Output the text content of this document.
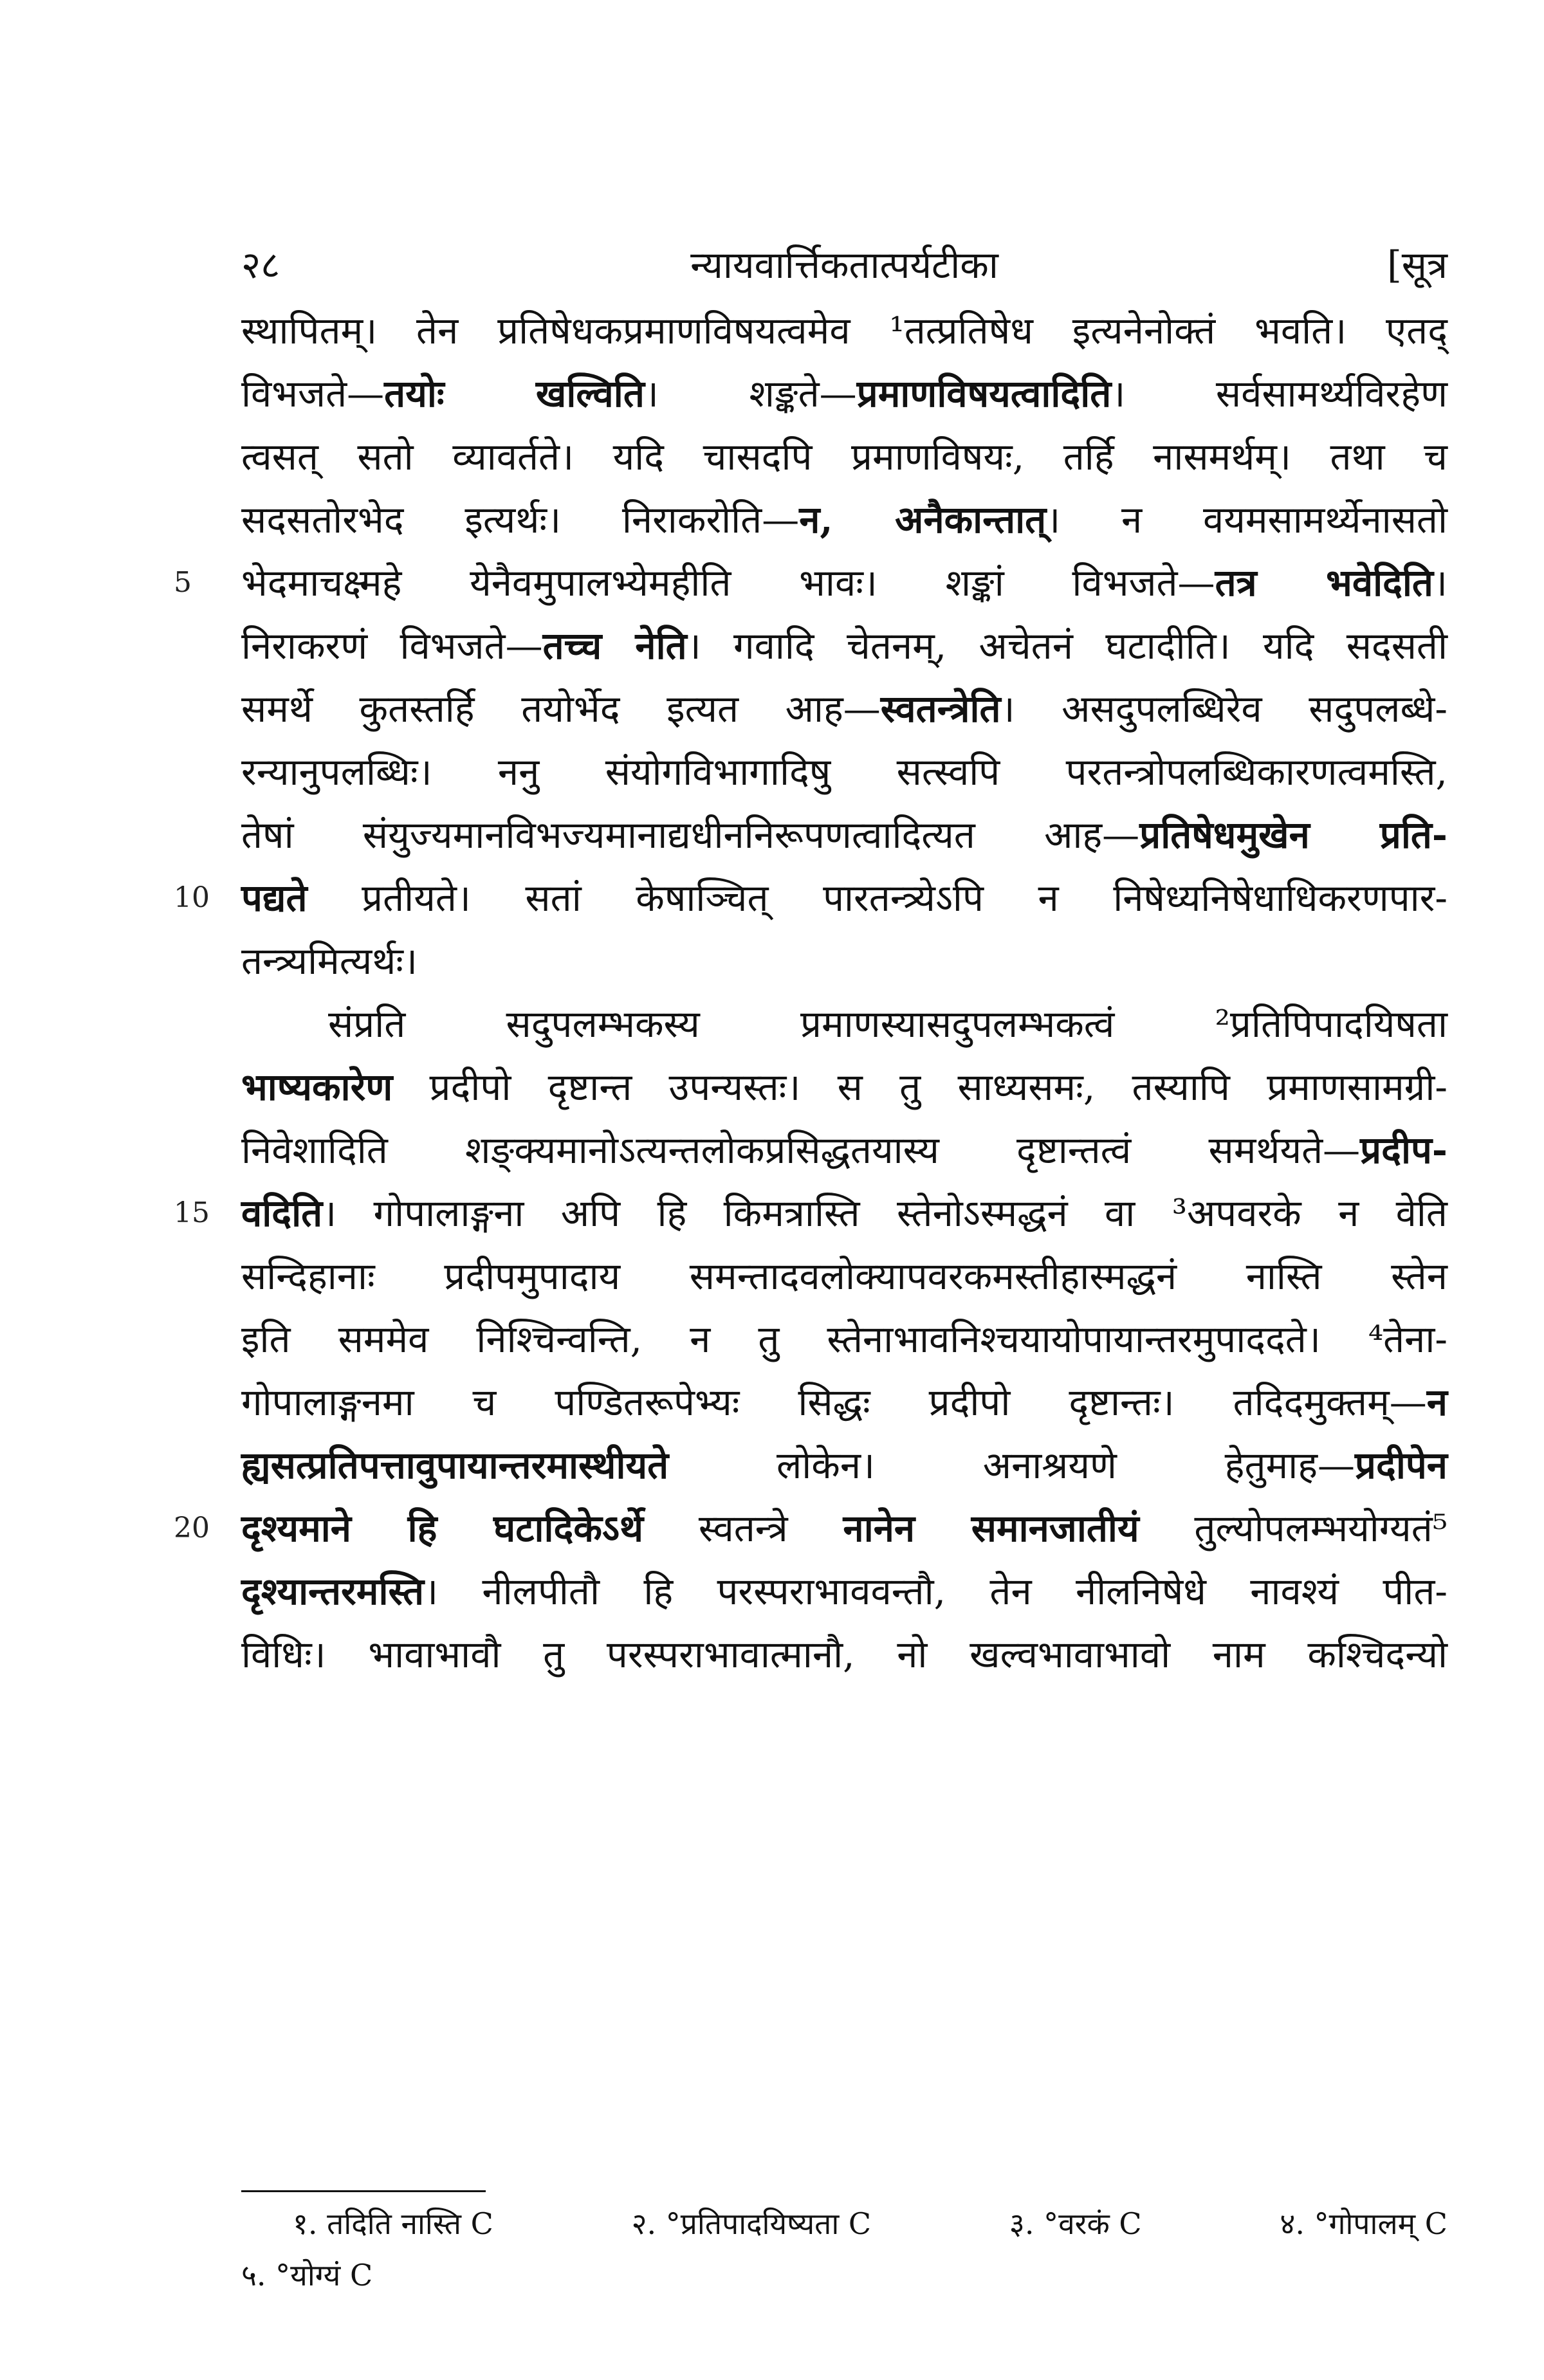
२८	न्यायवार्त्तिकतात्पर्यटीका	[सूत्र
स्थापितम्। तेन प्रतिषेधकप्रमाणविषयत्वमेव ¹तत्प्रतिषेध इत्यनेनोक्तं भवति। एतद्
विभजते—तयोः खल्विति। शङ्कते—प्रमाणविषयत्वादिति। सर्वसामर्थ्यविरहेण
त्वसत् सतो व्यावर्तते। यदि चासदपि प्रमाणविषयः, तर्हि नासमर्थम्। तथा च
सदसतोरभेद इत्यर्थः। निराकरोति—न, अनैकान्तात्। न वयमसामर्थ्येनासतो
5 भेदमाचक्ष्महे येनैवमुपालभ्येमहीति भावः। शङ्कां विभजते—तत्र भवेदिति।
निराकरणं विभजते—तच्च नेति। गवादि चेतनम्, अचेतनं घटादीति। यदि सदसती
समर्थे कुतस्तर्हि तयोर्भेद इत्यत आह—स्वतन्त्रेति। असदुपलब्धिरेव सदुपलब्धे-
रन्यानुपलब्धिः। ननु संयोगविभागादिषु सत्स्वपि परतन्त्रोपलब्धिकारणत्वमस्ति,
तेषां संयुज्यमानविभज्यमानाद्यधीननिरूपणत्वादित्यत आह—प्रतिषेधमुखेन प्रति-
10 पद्यते प्रतीयते। सतां केषाञ्चित् पारतन्त्र्येऽपि न निषेध्यनिषेधाधिकरणपार-
तन्त्र्यमित्यर्थः।
संप्रति सदुपलम्भकस्य प्रमाणस्यासदुपलम्भकत्वं ²प्रतिपिपादयिषता
भाष्यकारेण प्रदीपो दृष्टान्त उपन्यस्तः। स तु साध्यसमः, तस्यापि प्रमाणसामग्री-
निवेशादिति शङ्क्यमानोऽत्यन्तलोकप्रसिद्धतयास्य दृष्टान्तत्वं समर्थयते—प्रदीप-
15 वदिति। गोपालाङ्गना अपि हि किमत्रास्ति स्तेनोऽस्मद्धनं वा ³अपवरके न वेति
सन्दिहानाः प्रदीपमुपादाय समन्तादवलोक्यापवरकमस्तीहास्मद्धनं नास्ति स्तेन
इति सममेव निश्चिन्वन्ति, न तु स्तेनाभावनिश्चयायोपायान्तरमुपाददते। ⁴तेना-
गोपालाङ्गनमा च पण्डितरूपेभ्यः सिद्धः प्रदीपो दृष्टान्तः। तदिदमुक्तम्—न
ह्यसत्प्रतिपत्तावुपायान्तरमास्थीयते लोकेन। अनाश्रयणे हेतुमाह—प्रदीपेन
20 दृश्यमाने हि घटादिकेऽर्थे स्वतन्त्रे नानेन समानजातीयं तुल्योपलम्भयोग्यतं⁵
दृश्यान्तरमस्ति। नीलपीतौ हि परस्पराभाववन्तौ, तेन नीलनिषेधे नावश्यं पीत-
विधिः। भावाभावौ तु परस्पराभावात्मानौ, नो खल्वभावाभावो नाम कश्चिदन्यो
१. तदिति नास्ति C	२. °प्रतिपादयिष्यता C	३. °वरकं C	४. °गोपालम् C
५. °योग्यं C
